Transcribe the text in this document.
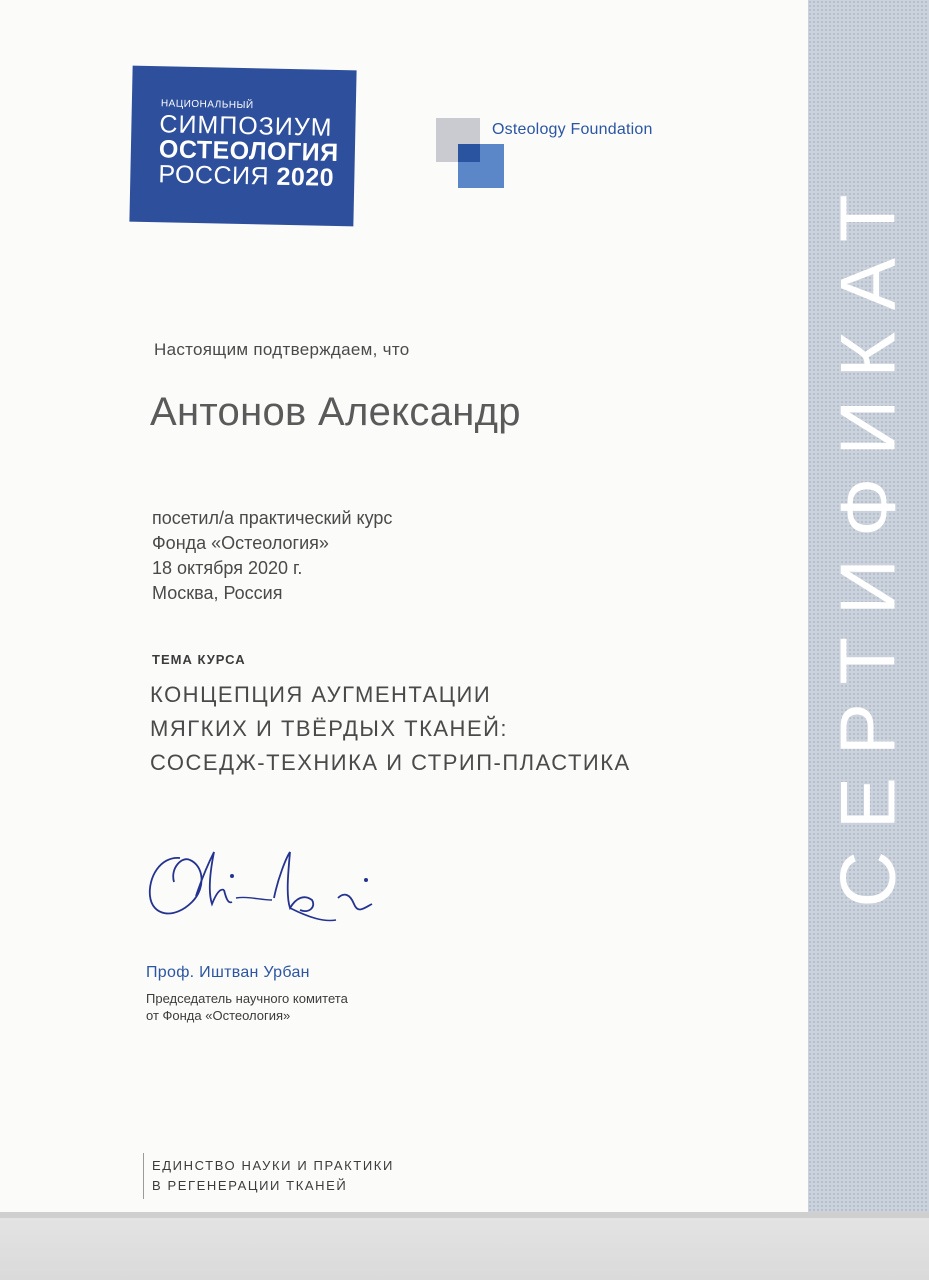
НАЦИОНАЛЬНЫЙ
СИМПОЗИУМ
ОСТЕОЛОГИЯ
РОССИЯ 2020
Osteology Foundation
СЕРТИФИКАТ
Настоящим подтверждаем, что
Антонов Александр
посетил/а практический курс
Фонда «Остеология»
18 октября 2020 г.
Москва, Россия
ТЕМА КУРСА
КОНЦЕПЦИЯ АУГМЕНТАЦИИ
МЯГКИХ И ТВЁРДЫХ ТКАНЕЙ:
СОСЕДЖ-ТЕХНИКА И СТРИП-ПЛАСТИКА
Проф. Иштван Урбан
Председатель научного комитета
от Фонда «Остеология»
ЕДИНСТВО НАУКИ И ПРАКТИКИ
В РЕГЕНЕРАЦИИ ТКАНЕЙ
